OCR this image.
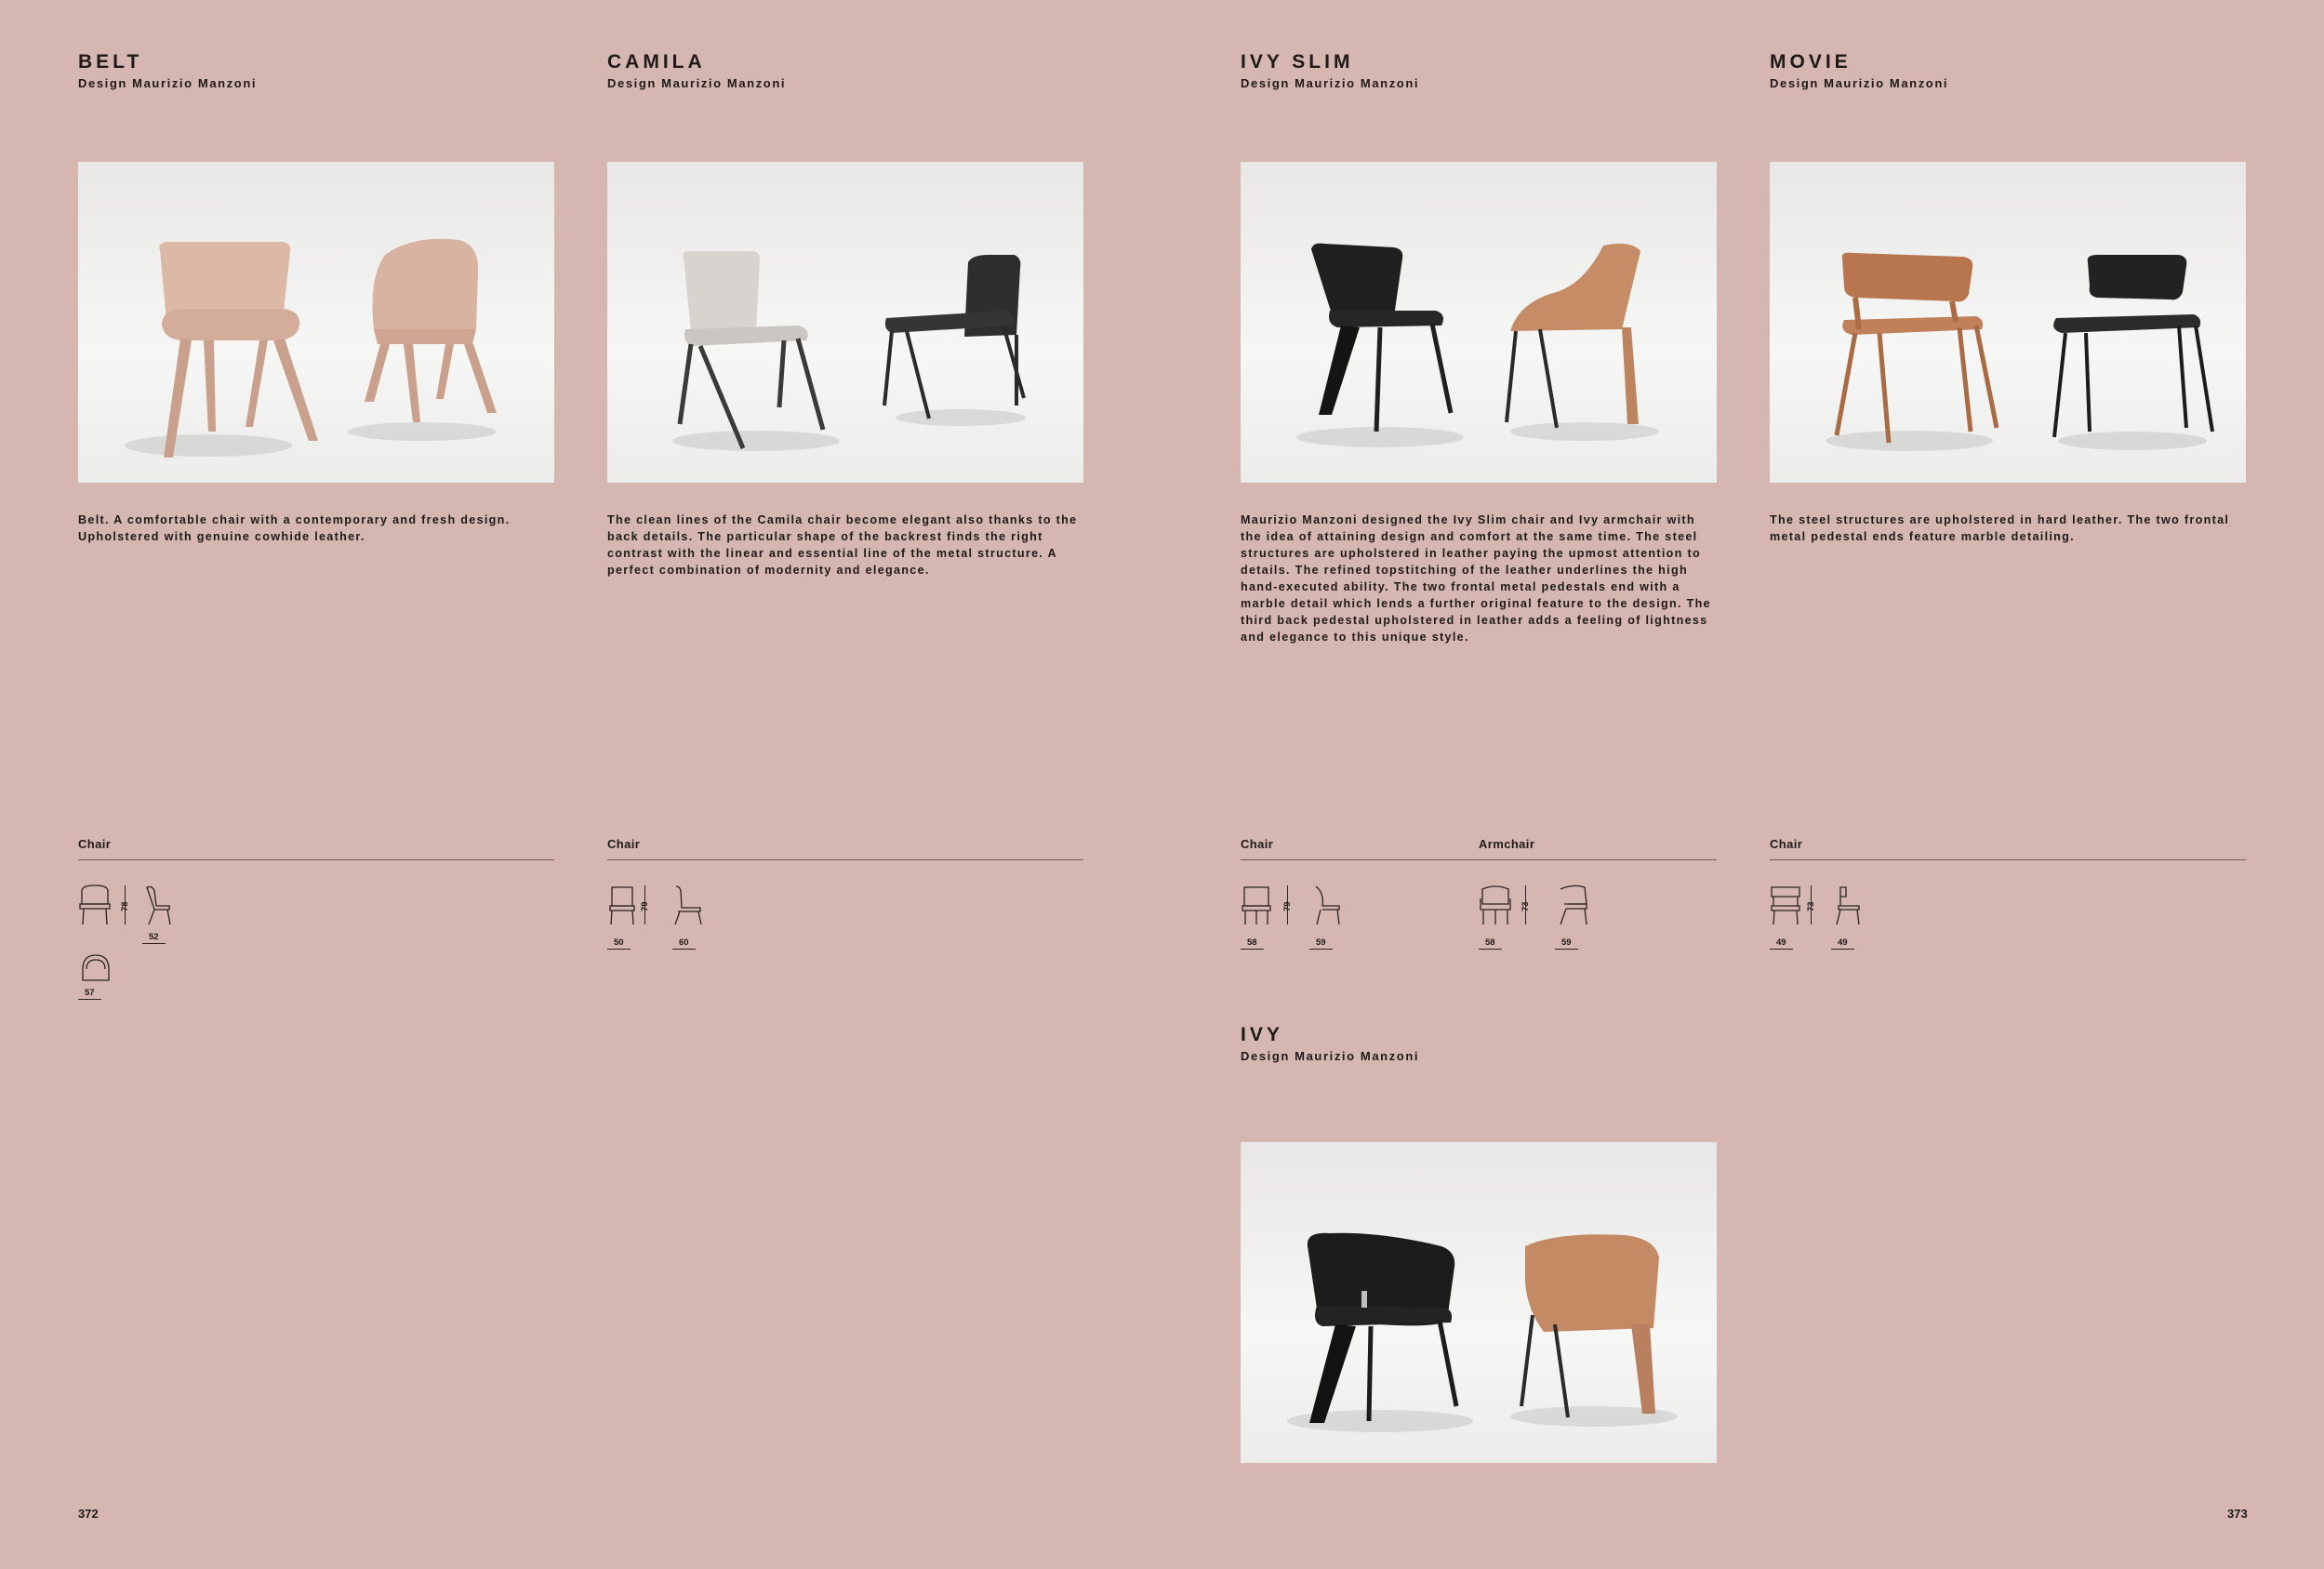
BELT
Design Maurizio Manzoni

Belt. A comfortable chair with a contemporary and fresh design. Upholstered with genuine cowhide leather.

Chair
78
52
57
CAMILA
Design Maurizio Manzoni

The clean lines of the Camila chair become elegant also thanks to the back details. The particular shape of the backrest finds the right contrast with the linear and essential line of the metal structure. A perfect combination of modernity and elegance.

Chair
79
50	60
IVY SLIM
Design Maurizio Manzoni

Maurizio Manzoni designed the Ivy Slim chair and Ivy armchair with the idea of attaining design and comfort at the same time. The steel structures are upholstered in leather paying the upmost attention to details. The refined topstitching of the leather underlines the high hand-executed ability. The two frontal metal pedestals end with a marble detail which lends a further original feature to the design. The third back pedestal upholstered in leather adds a feeling of lightness and elegance to this unique style.

Chair	Armchair
79
58	59
73
58	59
MOVIE
Design Maurizio Manzoni

The steel structures are upholstered in hard leather. The two frontal metal pedestal ends feature marble detailing.

Chair
73
49	49
IVY
Design Maurizio Manzoni
372	373
